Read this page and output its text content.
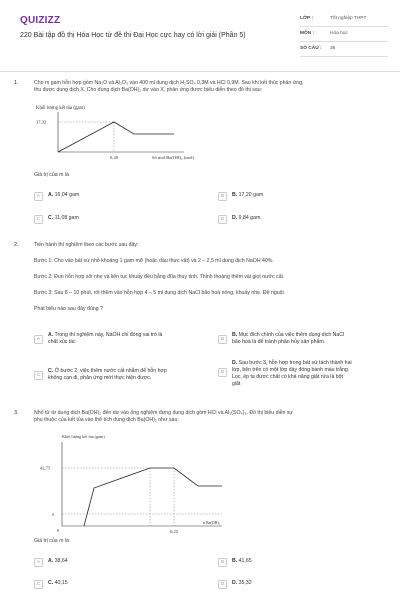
QUIZIZZ
220 Bài tập đồ thị Hóa Học từ đề thi Đại Học cực hay có lời giải (Phần 5)
LỚP :	Tốt nghiệp THPT
MÔN :	Hóa học
SỐ CÂU :	36
1.	Cho m gam hỗn hợp gồm Na₂O và Al₂O₃ vào 400 ml dung dịch H₂SO₄ 0,3M và HCl 0,9M. Sau khi kết thúc phản ứng,
thu được dung dịch X. Cho dung dịch Ba(OH)₂ dư vào X, phản ứng được biểu diễn theo đồ thị sau:
Khối lượng kết tủa (gam)
37,32
0,28	Số mol Ba(OH)₂ (mol)
Giá trị của m là
A	A. 16,04 gam	B	B. 17,20 gam
C	C. 11,08 gam	D	D. 9,84 gam.
2.	Tiến hành thí nghiệm theo các bước sau đây:
Bước 1: Cho vào bát sứ nhỏ khoảng 1 gam mỡ (hoặc dầu thực vật) và 2 – 2,5 ml dung dịch NaOH 40%.
Bước 2: Đun hỗn hợp sôi nhẹ và liên tục khuấy đều bằng đũa thuỷ tinh. Thỉnh thoảng thêm vài giọt nước cất.
Bước 3: Sau 8 – 10 phút, rót thêm vào hỗn hợp 4 – 5 ml dung dịch NaCl bão hoà nóng, khuấy nhẹ. Để nguội.
Phát biểu nào sau đây đúng ?
A
A. Trong thí nghiệm này, NaOH chỉ đóng vai trò là
chất xúc tác
B
B. Mục đích chính của việc thêm dung dịch NaCl
bão hoà là để tránh phân hủy sản phẩm.
C
C. Ở bước 2, việc thêm nước cất nhằm để hỗn hợp
không cạn đi, phản ứng mới thực hiện được.
D
D. Sau bước 3, hỗn hợp trong bát sứ tách thành hai
lớp, bên trên có một lớp dày đóng bánh màu trắng.
Lọc, ép ta được chất có khả năng giặt rửa là bột
giặt
3.	Nhỏ từ từ dung dịch Ba(OH)₂ đến dư vào ống nghiệm đựng dung dịch gồm HCl và Al₂(SO₄)₃. Đồ thị biểu diễn sự
phụ thuộc của kết tủa vào thể tích dung dịch Ba(OH)₂ như sau:
Khối lượng kết tủa (gam)
42,75
a
0	0,25
n Ba(OH)₂
Giá trị của m là
A	A. 38,64	B	B. 41,65
C	C. 40,15	D	D. 35,32
